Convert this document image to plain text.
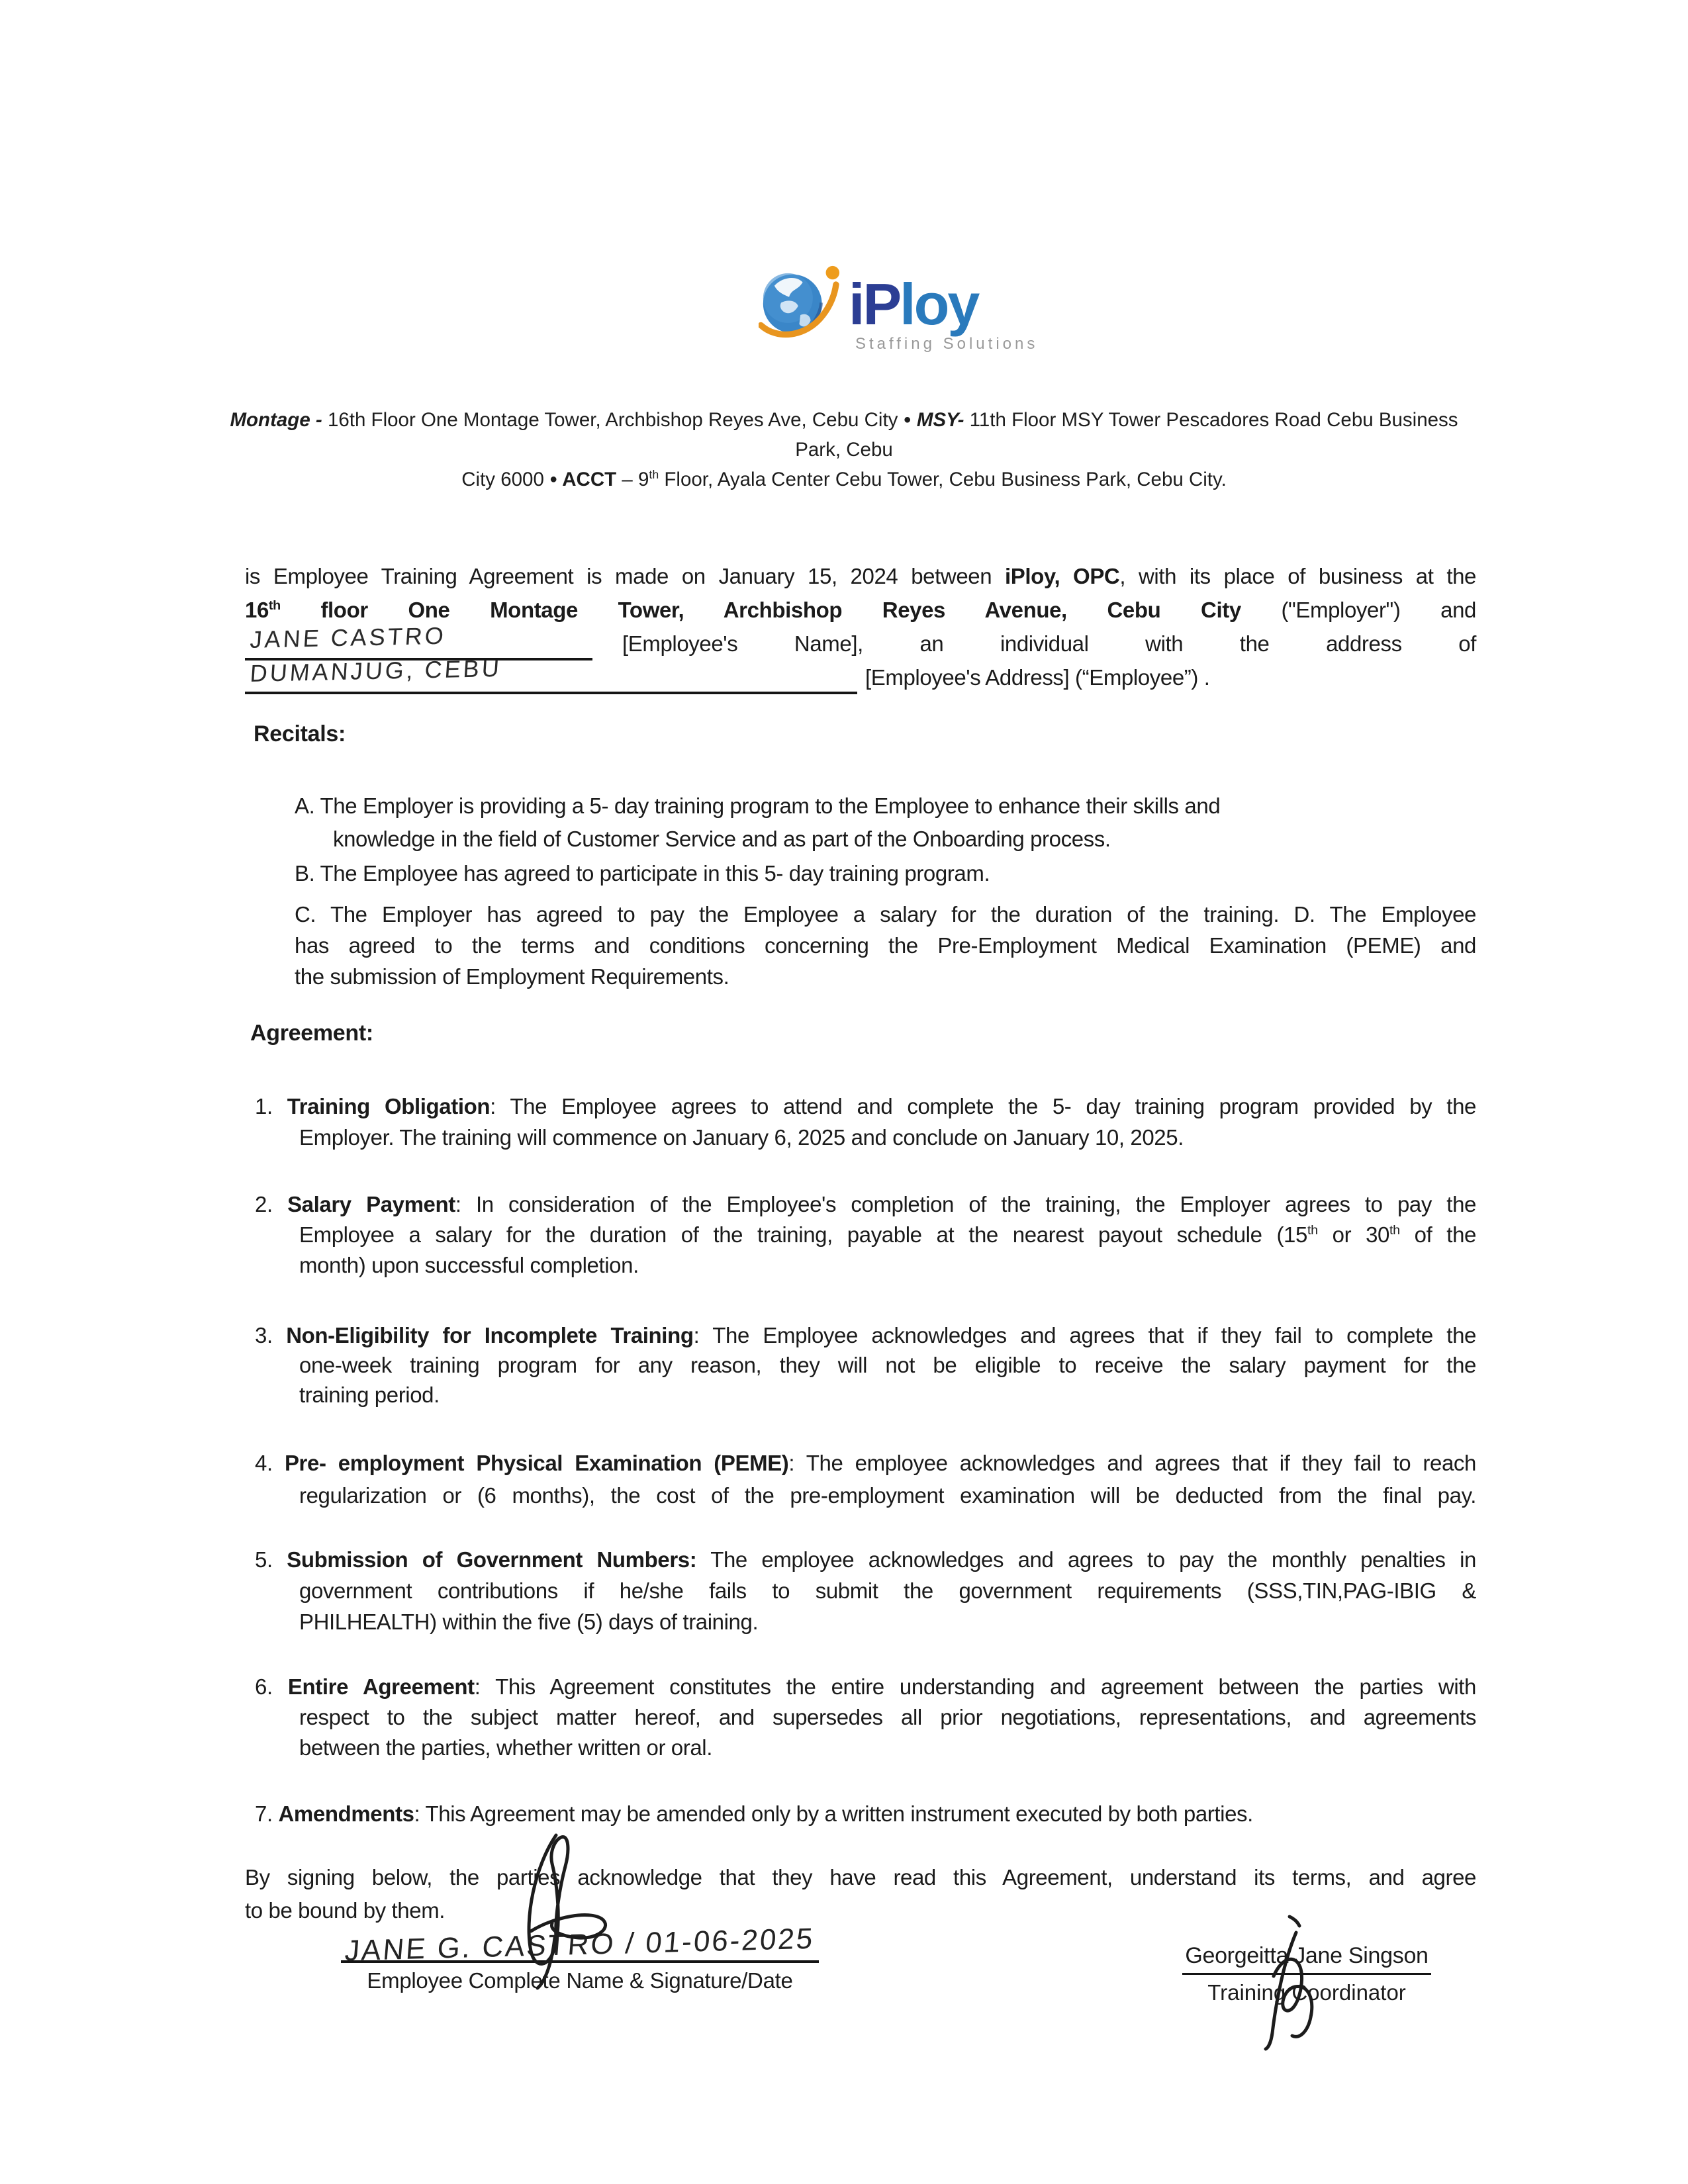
iPloy
Staffing Solutions
Montage - 16th Floor One Montage Tower, Archbishop Reyes Ave, Cebu City ● MSY- 11th Floor MSY Tower Pescadores Road Cebu Business Park, Cebu
City 6000 ● ACCT – 9th Floor, Ayala Center Cebu Tower, Cebu Business Park, Cebu City.
is Employee Training Agreement is made on January 15, 2024 between iPloy, OPC, with its place of business at the
16th floor One Montage Tower, Archbishop Reyes Avenue, Cebu City ("Employer") and
JANE CASTRO	[Employee's Name], an individual with the address of
DUMANJUG, CEBU	[Employee's Address] (“Employee”) .
Recitals:
A. The Employer is providing a 5- day training program to the Employee to enhance their skills and
knowledge in the field of Customer Service and as part of the Onboarding process.
B. The Employee has agreed to participate in this 5- day training program.
C. The Employer has agreed to pay the Employee a salary for the duration of the training. D. The Employee
has agreed to the terms and conditions concerning the Pre-Employment Medical Examination (PEME) and
the submission of Employment Requirements.
Agreement:
1. Training Obligation: The Employee agrees to attend and complete the 5- day training program provided by the
Employer. The training will commence on January 6, 2025 and conclude on January 10, 2025.
2. Salary Payment: In consideration of the Employee's completion of the training, the Employer agrees to pay the
Employee a salary for the duration of the training, payable at the nearest payout schedule (15th or 30th of the
month) upon successful completion.
3. Non-Eligibility for Incomplete Training: The Employee acknowledges and agrees that if they fail to complete the
one-week training program for any reason, they will not be eligible to receive the salary payment for the
training period.
4. Pre- employment Physical Examination (PEME): The employee acknowledges and agrees that if they fail to reach
regularization or (6 months), the cost of the pre-employment examination will be deducted from the final pay.
5. Submission of Government Numbers: The employee acknowledges and agrees to pay the monthly penalties in
government contributions if he/she fails to submit the government requirements (SSS,TIN,PAG-IBIG &
PHILHEALTH) within the five (5) days of training.
6. Entire Agreement: This Agreement constitutes the entire understanding and agreement between the parties with
respect to the subject matter hereof, and supersedes all prior negotiations, representations, and agreements
between the parties, whether written or oral.
7. Amendments: This Agreement may be amended only by a written instrument executed by both parties.
By signing below, the parties acknowledge that they have read this Agreement, understand its terms, and agree
to be bound by them.
JANE G. CASTRO / 01-06-2025
Employee Complete Name & Signature/Date
Georgeitta Jane Singson
Training Coordinator
